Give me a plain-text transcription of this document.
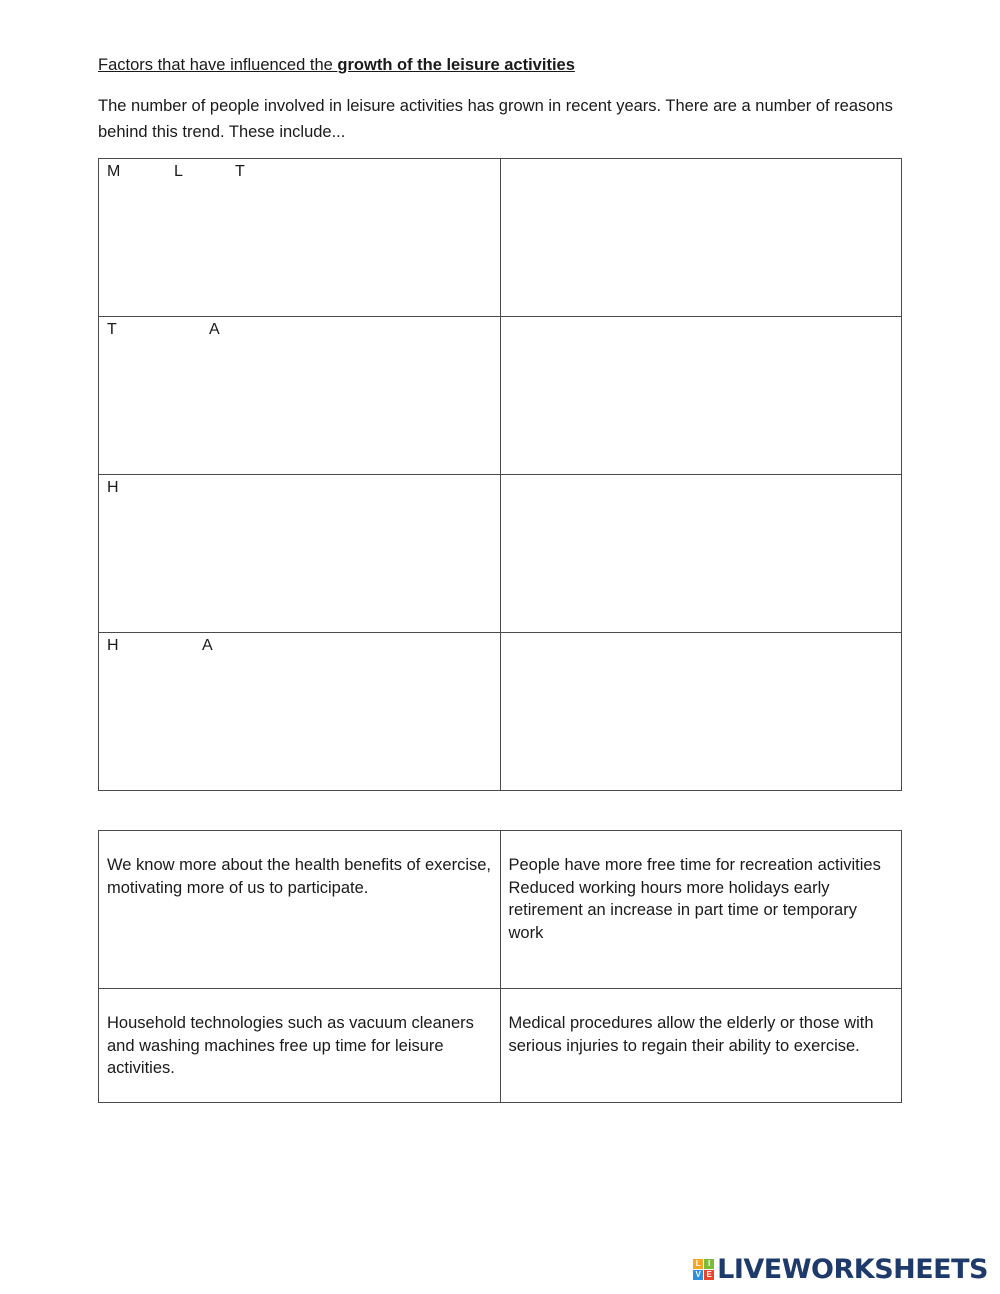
Factors that have influenced the growth of the leisure activities
The number of people involved in leisure activities has grown in recent years. There are a number of reasons behind this trend. These include...
M L T	

T A	

H	

H A	

We know more about the health benefits of exercise, motivating more of us to participate.	People have more free time for recreation activities
Reduced working hours more holidays early retirement an increase in part time or temporary work

Household technologies such as vacuum cleaners and washing machines free up time for leisure activities.	Medical procedures allow the elderly or those with serious injuries to regain their ability to exercise.
L I
V E LIVEWORKSHEETS
